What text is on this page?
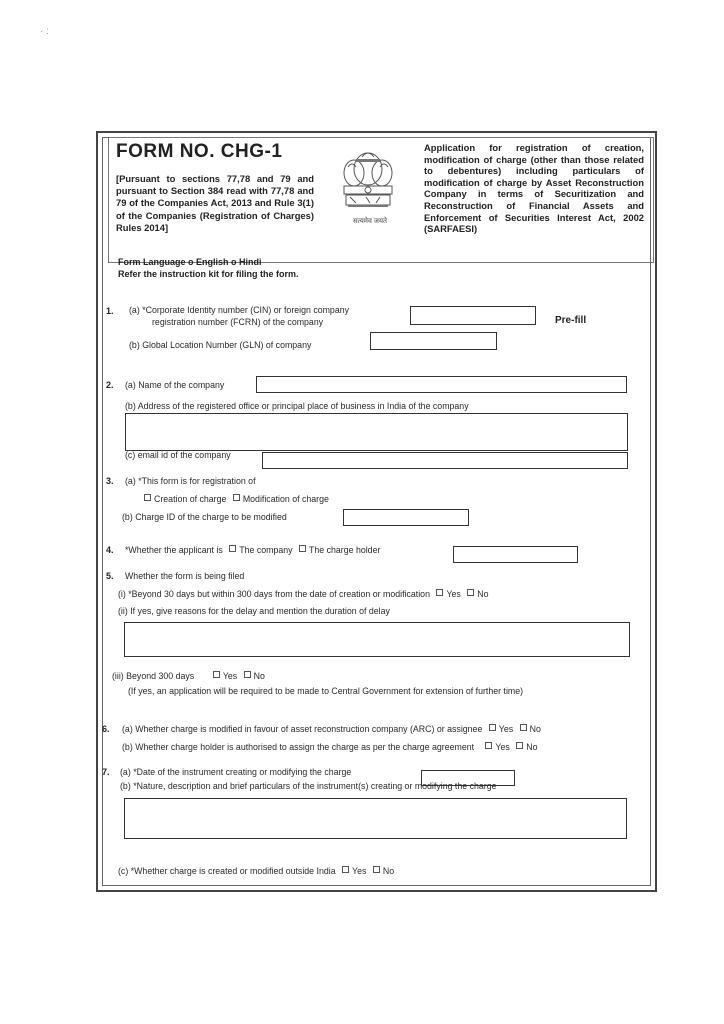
· :
FORM NO. CHG-1
[Pursuant to sections 77,78 and 79 and pursuant to Section 384 read with 77,78 and 79 of the Companies Act, 2013 and Rule 3(1) of the Companies (Registration of Charges) Rules 2014]
सत्यमेव जयते
Application for registration of creation, modification of charge (other than those related to debentures) including particulars of modification of charge by Asset Reconstruction Company in terms of Securitization and Reconstruction of Financial Assets and Enforcement of Securities Interest Act, 2002 (SARFAESI)
Form Language o English o Hindi
Refer the instruction kit for filing the form.
1. (a) *Corporate Identity number (CIN) or foreign company
registration number (FCRN) of the company	Pre-fill
(b) Global Location Number (GLN) of company
2. (a) Name of the company
(b) Address of the registered office or principal place of business in India of the company
(c) email id of the company
3. (a) *This form is for registration of
Creation of charge Modification of charge
(b) Charge ID of the charge to be modified
4. *Whether the applicant is The company The charge holder
5. Whether the form is being filed
(i) *Beyond 30 days but within 300 days from the date of creation or modification Yes No
(ii) If yes, give reasons for the delay and mention the duration of delay
(iii) Beyond 300 days	Yes No
(If yes, an application will be required to be made to Central Government for extension of further time)
6. (a) Whether charge is modified in favour of asset reconstruction company (ARC) or assignee Yes No
(b) Whether charge holder is authorised to assign the charge as per the charge agreement Yes No
7. (a) *Date of the instrument creating or modifying the charge
(b) *Nature, description and brief particulars of the instrument(s) creating or modifying the charge
(c) *Whether charge is created or modified outside India Yes No
